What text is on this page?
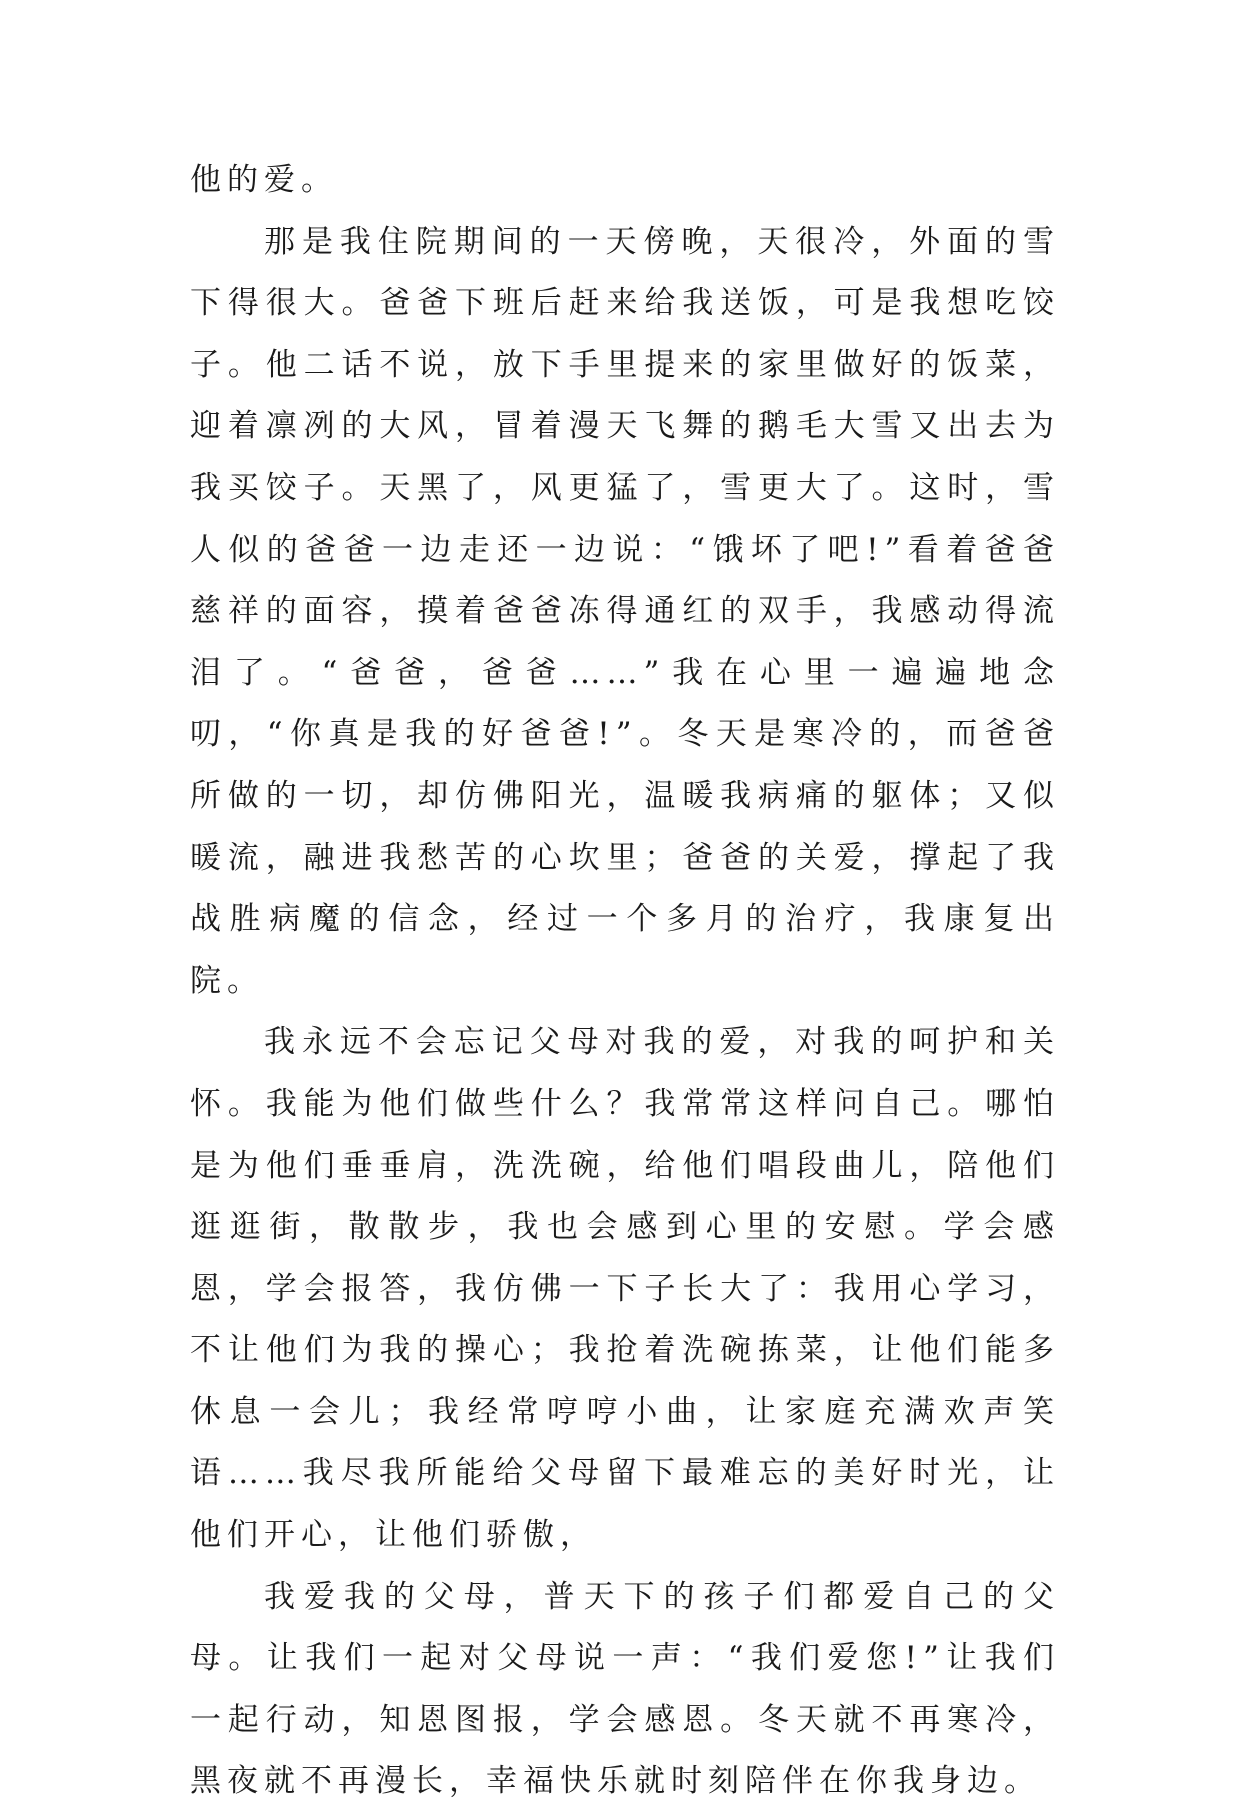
他的爱。

那是我住院期间的一天傍晚，天很冷，外面的雪下得很大。爸爸下班后赶来给我送饭，可是我想吃饺子。他二话不说，放下手里提来的家里做好的饭菜，迎着凛冽的大风，冒着漫天飞舞的鹅毛大雪又出去为我买饺子。天黑了，风更猛了，雪更大了。这时，雪人似的爸爸一边走还一边说：“饿坏了吧!”看着爸爸慈祥的面容，摸着爸爸冻得通红的双手，我感动得流泪了。“爸爸，爸爸……”我在心里一遍遍地念叨，“你真是我的好爸爸!”。冬天是寒冷的，而爸爸所做的一切，却仿佛阳光，温暖我病痛的躯体；又似暖流，融进我愁苦的心坎里；爸爸的关爱，撑起了我战胜病魔的信念，经过一个多月的治疗，我康复出院。

我永远不会忘记父母对我的爱，对我的呵护和关怀。我能为他们做些什么？我常常这样问自己。哪怕是为他们垂垂肩，洗洗碗，给他们唱段曲儿，陪他们逛逛街，散散步，我也会感到心里的安慰。学会感恩，学会报答，我仿佛一下子长大了：我用心学习，不让他们为我的操心；我抢着洗碗拣菜，让他们能多休息一会儿；我经常哼哼小曲，让家庭充满欢声笑语……我尽我所能给父母留下最难忘的美好时光，让他们开心，让他们骄傲，

我爱我的父母，普天下的孩子们都爱自己的父母。让我们一起对父母说一声：“我们爱您!”让我们一起行动，知恩图报，学会感恩。冬天就不再寒冷，黑夜就不再漫长，幸福快乐就时刻陪伴在你我身边。
